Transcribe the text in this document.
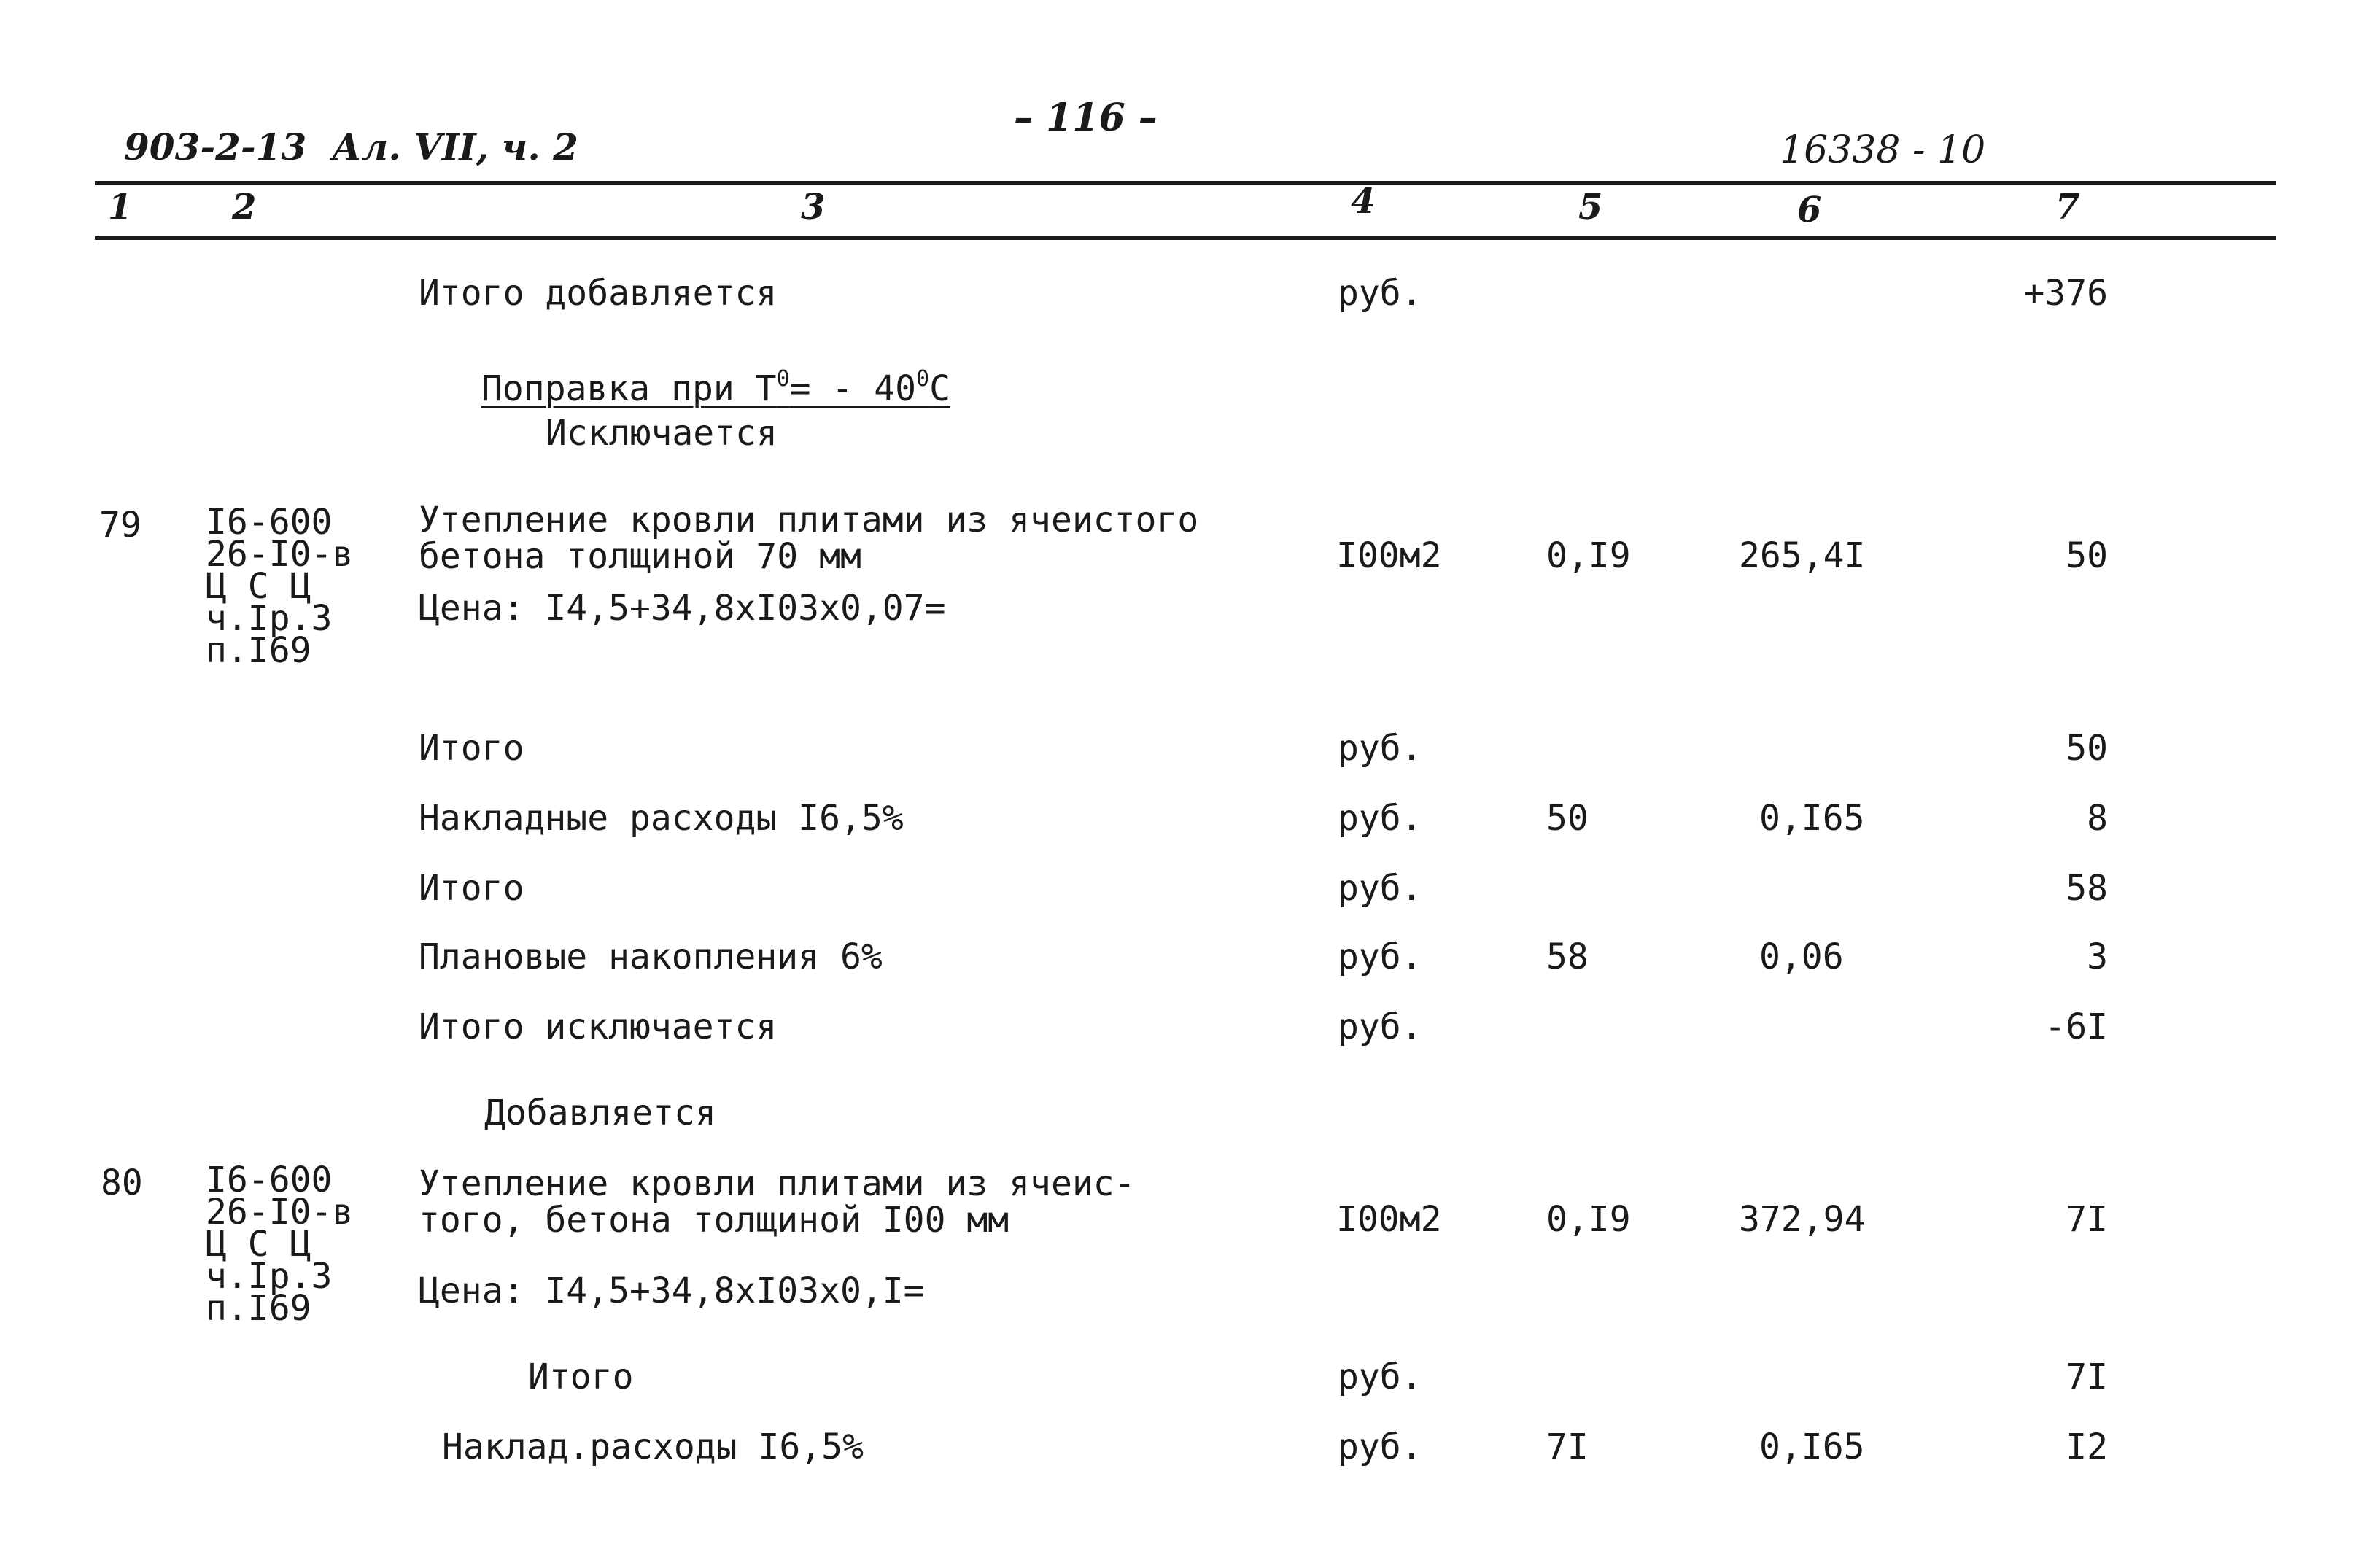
903-2-13  Ал. VII, ч. 2
– 116 –
16338 - 10
1	2	3	4	5	6	7
Итого добавляется	руб.	+376
Поправка при $Т^0= - 40^0С$
Исключается
79 I6-600
26-I0-в
Ц С Ц
ч.Iр.3
п.I69
Утепление кровли плитами из ячеистого
бетона толщиной 70 мм
Цена: I4,5+34,8xI03x0,07=
I00м2	0,I9	265,4I	50
Итого	руб.	50
Накладные расходы I6,5%	руб.	50	0,I65	8
Итого	руб.	58
Плановые накопления 6%	руб.	58	0,06	3
Итого исключается	руб.	-6I
Добавляется
80 I6-600
26-I0-в
Ц С Ц
ч.Iр.3
п.I69
Утепление кровли плитами из ячеис-
того, бетона толщиной I00 мм
Цена: I4,5+34,8xI03x0,I=
I00м2	0,I9	372,94	7I
Итого	руб.	7I
Наклад.расходы I6,5%	руб.	7I	0,I65	I2
